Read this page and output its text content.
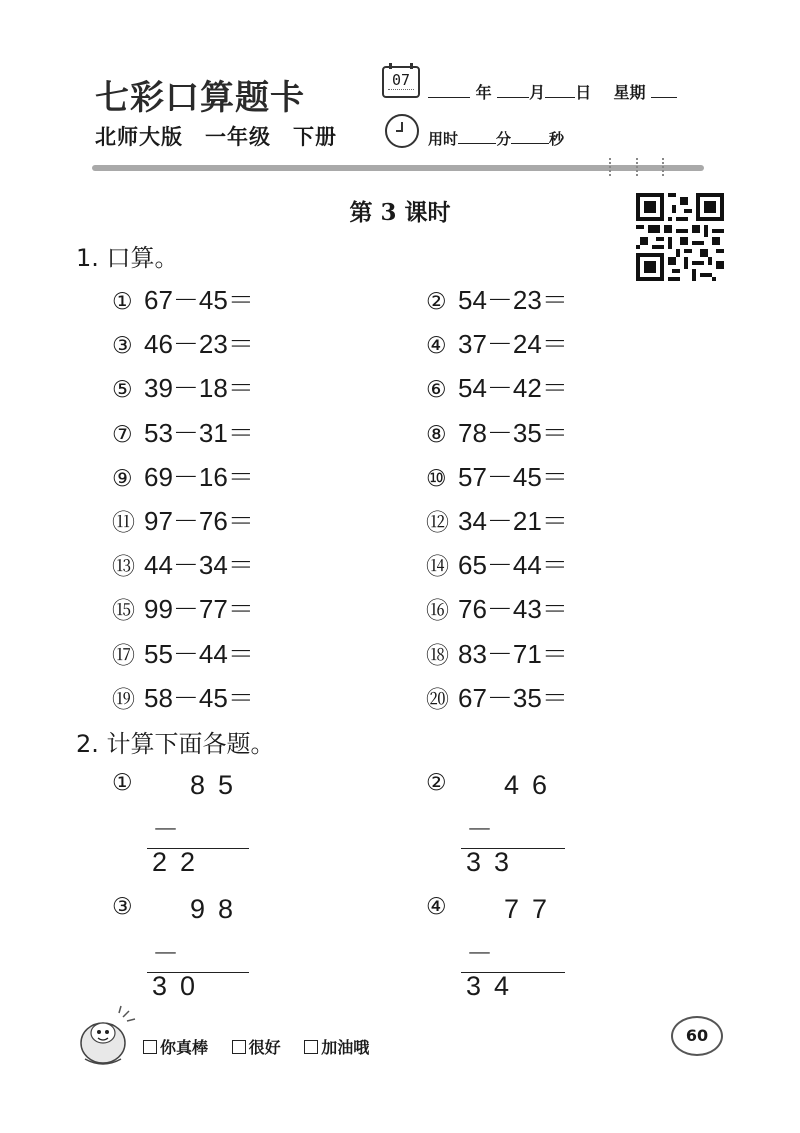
七彩口算题卡	07
年 月 日 星期
北师大版　一年级　下册	用时	分	秒
第 3 课时
1. 口算。
① 67－45＝	② 54－23＝
③ 46－23＝	④ 37－24＝
⑤ 39－18＝	⑥ 54－42＝
⑦ 53－31＝	⑧ 78－35＝
⑨ 69－16＝	⑩ 57－45＝
⑪ 97－76＝	⑫ 34－21＝
⑬ 44－34＝	⑭ 65－44＝
⑮ 99－77＝	⑯ 76－43＝
⑰ 55－44＝	⑱ 83－71＝
⑲ 58－45＝	⑳ 67－35＝
2. 计算下面各题。
① 85
－22
② 46
－33
③ 98
－30
④ 77
－34
你真棒	很好	加油哦
60
